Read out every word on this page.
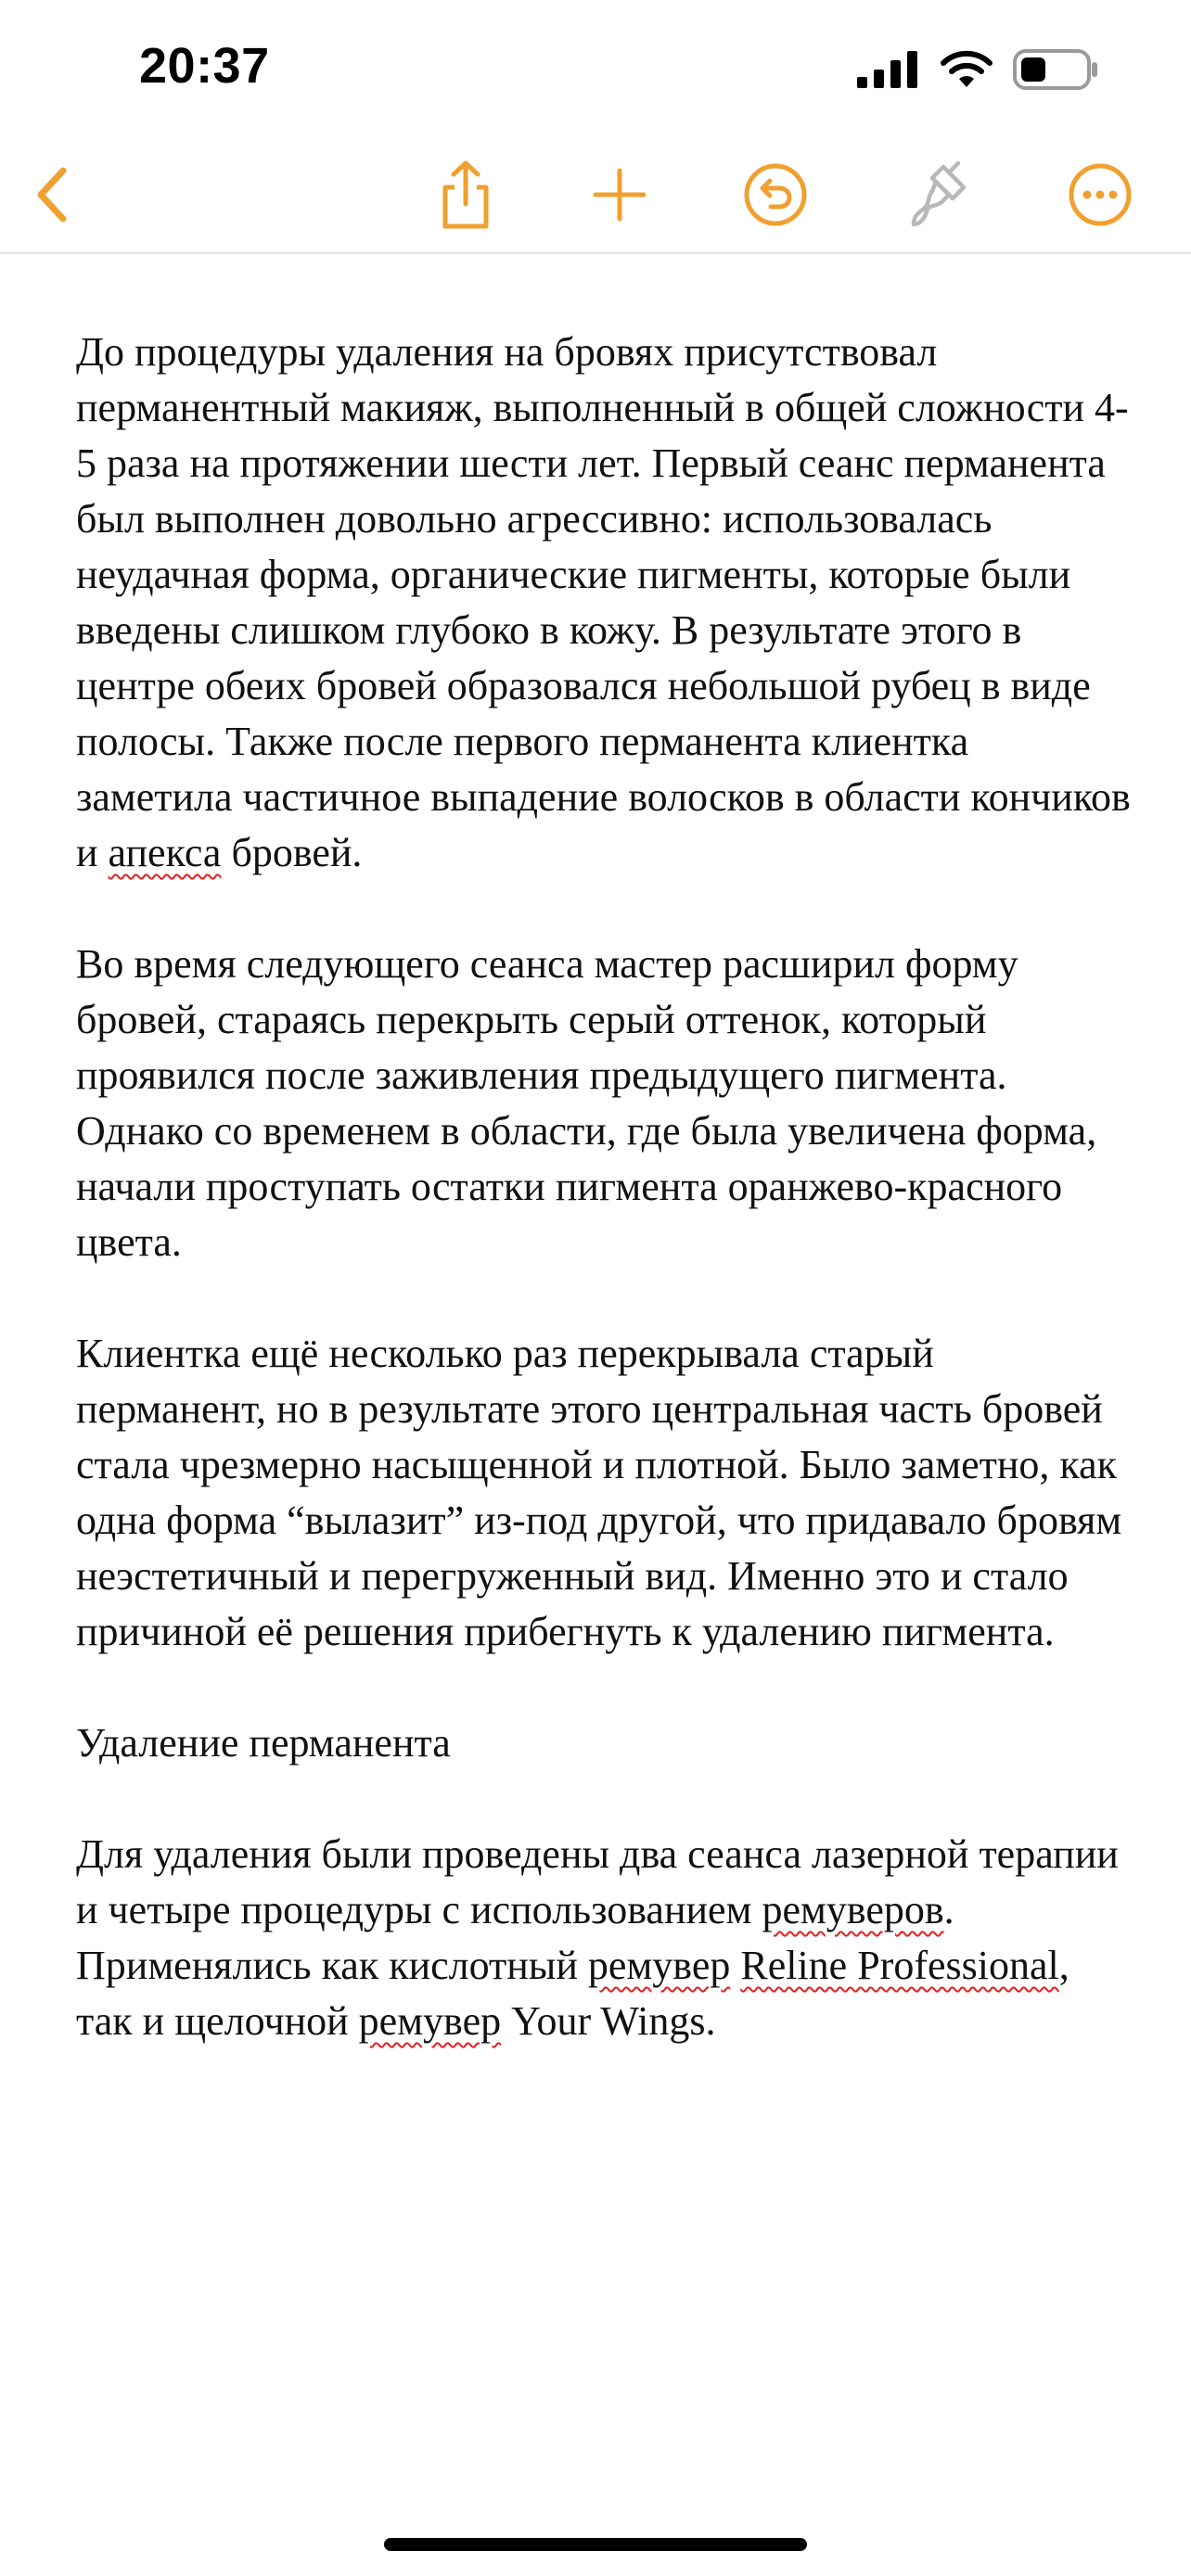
20:37

До процедуры удаления на бровях присутствовал перманентный макияж, выполненный в общей сложности 4-5 раза на протяжении шести лет. Первый сеанс перманента был выполнен довольно агрессивно: использовалась неудачная форма, органические пигменты, которые были введены слишком глубоко в кожу. В результате этого в центре обеих бровей образовался небольшой рубец в виде полосы. Также после первого перманента клиентка заметила частичное выпадение волосков в области кончиков и апекса бровей.

Во время следующего сеанса мастер расширил форму бровей, стараясь перекрыть серый оттенок, который проявился после заживления предыдущего пигмента. Однако со временем в области, где была увеличена форма, начали проступать остатки пигмента оранжево-красного цвета.

Клиентка ещё несколько раз перекрывала старый перманент, но в результате этого центральная часть бровей стала чрезмерно насыщенной и плотной. Было заметно, как одна форма “вылазит” из-под другой, что придавало бровям неэстетичный и перегруженный вид. Именно это и стало причиной её решения прибегнуть к удалению пигмента.

Удаление перманента

Для удаления были проведены два сеанса лазерной терапии и четыре процедуры с использованием ремуверов. Применялись как кислотный ремувер Reline Professional, так и щелочной ремувер Your Wings.
